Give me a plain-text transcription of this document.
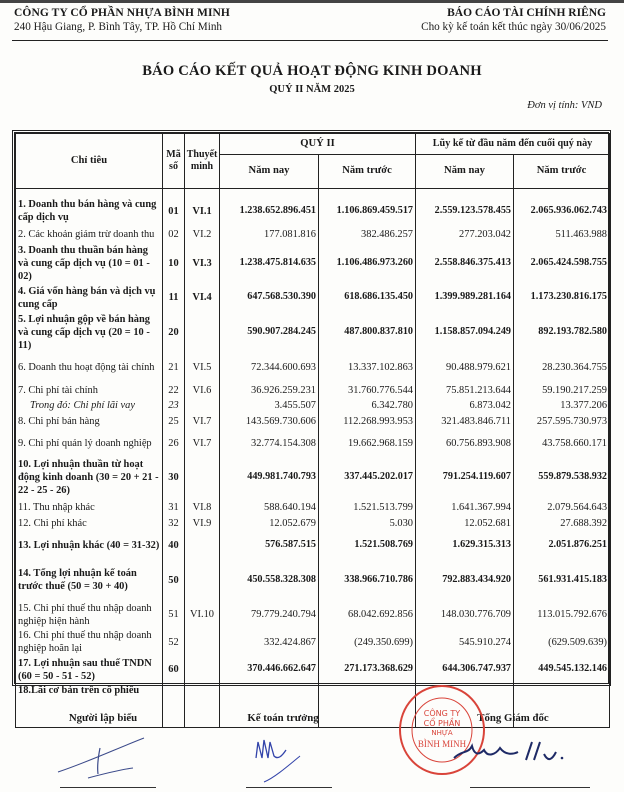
CÔNG TY CỔ PHẦN NHỰA BÌNH MINH
240 Hậu Giang, P. Bình Tây, TP. Hồ Chí Minh
BÁO CÁO TÀI CHÍNH RIÊNG
Cho kỳ kế toán kết thúc ngày 30/06/2025
BÁO CÁO KẾT QUẢ HOẠT ĐỘNG KINH DOANH
QUÝ II NĂM 2025
Đơn vị tính: VND
Chỉ tiêu	Mã số	Thuyết minh	QUÝ II		Lũy kế từ đầu năm đến cuối quý này	
			Năm nay	Năm trước	Năm nay	Năm trước

1. Doanh thu bán hàng và cung cấp dịch vụ	01	VI.1	1.238.652.896.451	1.106.869.459.517	2.559.123.578.455	2.065.936.062.743
2. Các khoản giảm trừ doanh thu	02	VI.2	177.081.816	382.486.257	277.203.042	511.463.988
3. Doanh thu thuần bán hàng và cung cấp dịch vụ (10 = 01 - 02)	10	VI.3	1.238.475.814.635	1.106.486.973.260	2.558.846.375.413	2.065.424.598.755
4. Giá vốn hàng bán và dịch vụ cung cấp	11	VI.4	647.568.530.390	618.686.135.450	1.399.989.281.164	1.173.230.816.175
5. Lợi nhuận gộp về bán hàng và cung cấp dịch vụ (20 = 10 - 11)	20		590.907.284.245	487.800.837.810	1.158.857.094.249	892.193.782.580
6. Doanh thu hoạt động tài chính	21	VI.5	72.344.600.693	13.337.102.863	90.488.979.621	28.230.364.755
7. Chi phí tài chính	22	VI.6	36.926.259.231	31.760.776.544	75.851.213.644	59.190.217.259
Trong đó: Chi phí lãi vay	23		3.455.507	6.342.780	6.873.042	13.377.206
8. Chi phí bán hàng	25	VI.7	143.569.730.606	112.268.993.953	321.483.846.711	257.595.730.973
9. Chi phí quản lý doanh nghiệp	26	VI.7	32.774.154.308	19.662.968.159	60.756.893.908	43.758.660.171
10. Lợi nhuận thuần từ hoạt động kinh doanh (30 = 20 + 21 - 22 - 25 - 26)	30		449.981.740.793	337.445.202.017	791.254.119.607	559.879.538.932
11. Thu nhập khác	31	VI.8	588.640.194	1.521.513.799	1.641.367.994	2.079.564.643
12. Chi phí khác	32	VI.9	12.052.679	5.030	12.052.681	27.688.392
13. Lợi nhuận khác (40 = 31-32)	40		576.587.515	1.521.508.769	1.629.315.313	2.051.876.251
14. Tổng lợi nhuận kế toán trước thuế (50 = 30 + 40)	50		450.558.328.308	338.966.710.786	792.883.434.920	561.931.415.183
15. Chi phí thuế thu nhập doanh nghiệp hiện hành	51	VI.10	79.779.240.794	68.042.692.856	148.030.776.709	113.015.792.676
16. Chi phí thuế thu nhập doanh nghiệp hoãn lại	52		332.424.867	(249.350.699)	545.910.274	(629.509.639)
17. Lợi nhuận sau thuế TNDN (60 = 50 - 51 - 52)	60		370.446.662.647	271.173.368.629	644.306.747.937	449.545.132.146
18.Lãi cơ bản trên cổ phiếu						
Người lập biểu	Kế toán trưởng	Tổng Giám đốc
CÔNG TY
CỔ PHẦN
NHỰA
BÌNH MINH
